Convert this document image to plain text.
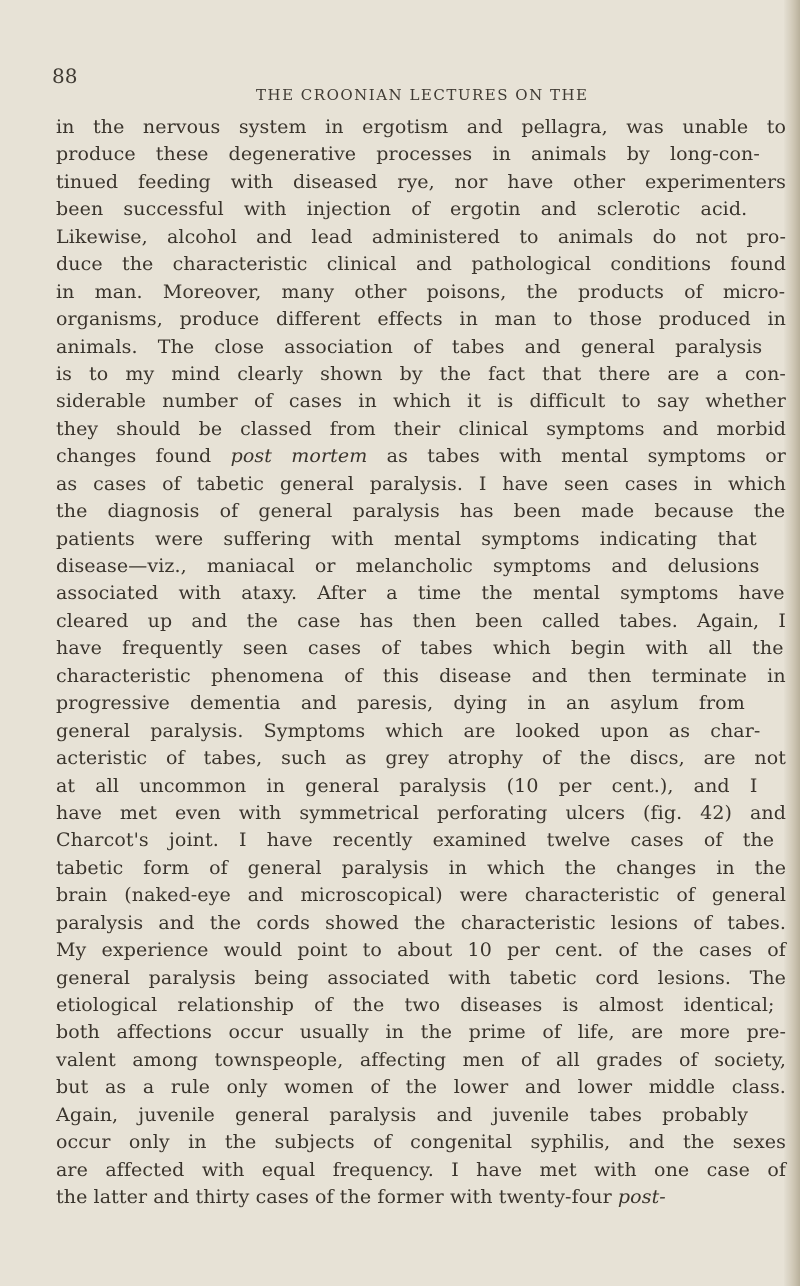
88
THE CROONIAN LECTURES ON THE
in the nervous system in ergotism and pellagra, was unable to
produce these degenerative processes in animals by long-con-
tinued feeding with diseased rye, nor have other experimenters
been successful with injection of ergotin and sclerotic acid.
Likewise, alcohol and lead administered to animals do not pro-
duce the characteristic clinical and pathological conditions found
in man. Moreover, many other poisons, the products of micro-
organisms, produce different effects in man to those produced in
animals. The close association of tabes and general paralysis
is to my mind clearly shown by the fact that there are a con-
siderable number of cases in which it is difficult to say whether
they should be classed from their clinical symptoms and morbid
changes found post mortem as tabes with mental symptoms or
as cases of tabetic general paralysis. I have seen cases in which
the diagnosis of general paralysis has been made because the
patients were suffering with mental symptoms indicating that
disease—viz., maniacal or melancholic symptoms and delusions
associated with ataxy. After a time the mental symptoms have
cleared up and the case has then been called tabes. Again, I
have frequently seen cases of tabes which begin with all the
characteristic phenomena of this disease and then terminate in
progressive dementia and paresis, dying in an asylum from
general paralysis. Symptoms which are looked upon as char-
acteristic of tabes, such as grey atrophy of the discs, are not
at all uncommon in general paralysis (10 per cent.), and I
have met even with symmetrical perforating ulcers (fig. 42) and
Charcot's joint. I have recently examined twelve cases of the
tabetic form of general paralysis in which the changes in the
brain (naked-eye and microscopical) were characteristic of general
paralysis and the cords showed the characteristic lesions of tabes.
My experience would point to about 10 per cent. of the cases of
general paralysis being associated with tabetic cord lesions. The
etiological relationship of the two diseases is almost identical;
both affections occur usually in the prime of life, are more pre-
valent among townspeople, affecting men of all grades of society,
but as a rule only women of the lower and lower middle class.
Again, juvenile general paralysis and juvenile tabes probably
occur only in the subjects of congenital syphilis, and the sexes
are affected with equal frequency. I have met with one case of
the latter and thirty cases of the former with twenty-four post-
